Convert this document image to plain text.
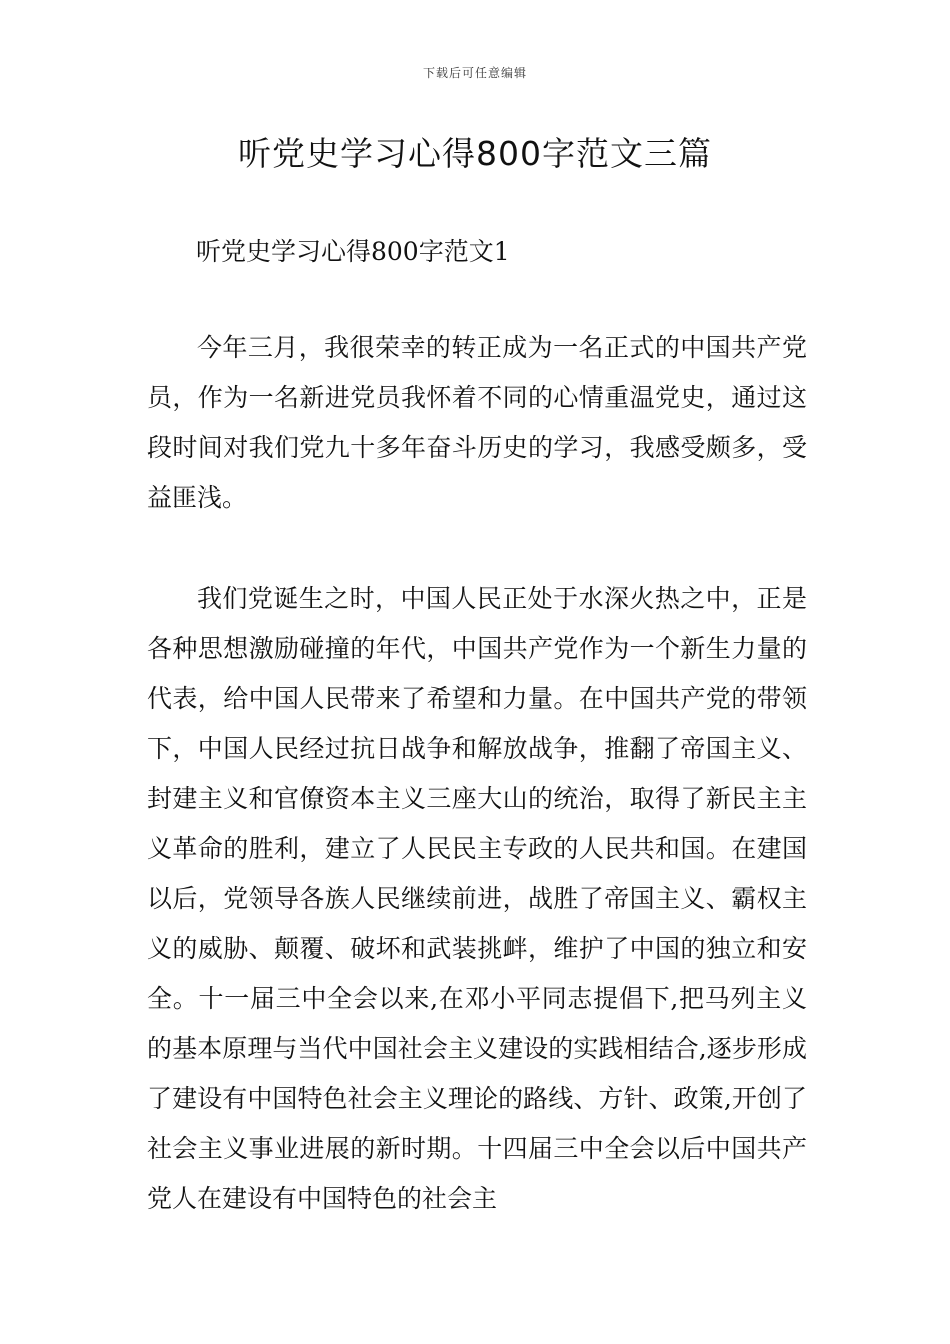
下载后可任意编辑
听党史学习心得800字范文三篇
听党史学习心得800字范文1

今年三月，我很荣幸的转正成为一名正式的中国共产党员，作为一名新进党员我怀着不同的心情重温党史，通过这段时间对我们党九十多年奋斗历史的学习，我感受颇多，受益匪浅。

我们党诞生之时，中国人民正处于水深火热之中，正是各种思想激励碰撞的年代，中国共产党作为一个新生力量的代表，给中国人民带来了希望和力量。在中国共产党的带领下，中国人民经过抗日战争和解放战争，推翻了帝国主义、封建主义和官僚资本主义三座大山的统治，取得了新民主主义革命的胜利，建立了人民民主专政的人民共和国。在建国以后，党领导各族人民继续前进，战胜了帝国主义、霸权主义的威胁、颠覆、破坏和武装挑衅，维护了中国的独立和安全。十一届三中全会以来,在邓小平同志提倡下,把马列主义的基本原理与当代中国社会主义建设的实践相结合,逐步形成了建设有中国特色社会主义理论的路线、方针、政策,开创了社会主义事业进展的新时期。十四届三中全会以后中国共产党人在建设有中国特色的社会主
